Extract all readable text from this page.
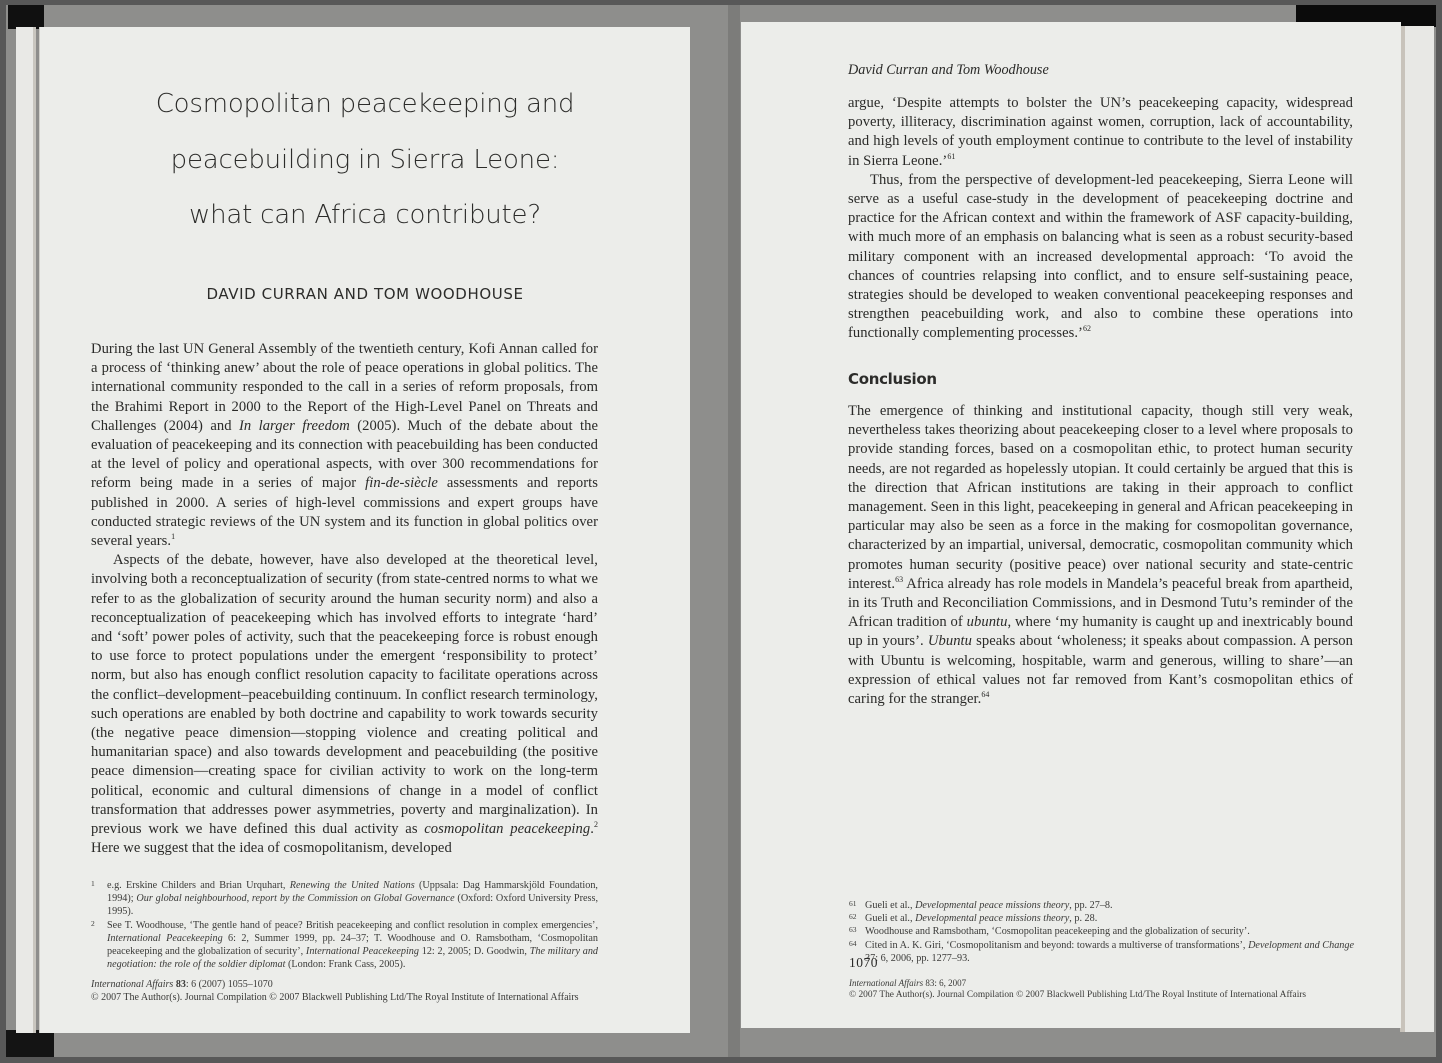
Cosmopolitan peacekeeping and
peacebuilding in Sierra Leone:
what can Africa contribute?
DAVID CURRAN AND TOM WOODHOUSE

During the last UN General Assembly of the twentieth century, Kofi Annan called for a process of ‘thinking anew’ about the role of peace operations in global politics. The international community responded to the call in a series of reform proposals, from the Brahimi Report in 2000 to the Report of the High-Level Panel on Threats and Challenges (2004) and In larger freedom (2005). Much of the debate about the evaluation of peacekeeping and its connection with peacebuilding has been conducted at the level of policy and operational aspects, with over 300 recommendations for reform being made in a series of major fin-de-siècle assessments and reports published in 2000. A series of high-level commissions and expert groups have conducted strategic reviews of the UN system and its function in global politics over several years.$^1$

Aspects of the debate, however, have also developed at the theoretical level, involving both a reconceptualization of security (from state-centred norms to what we refer to as the globalization of security around the human security norm) and also a reconceptualization of peacekeeping which has involved efforts to integrate ‘hard’ and ‘soft’ power poles of activity, such that the peacekeeping force is robust enough to use force to protect populations under the emergent ‘responsibility to protect’ norm, but also has enough conflict resolution capacity to facilitate operations across the conflict–development–peacebuilding continuum. In conflict research terminology, such operations are enabled by both doctrine and capability to work towards security (the negative peace dimension—stopping violence and creating political and humanitarian space) and also towards development and peacebuilding (the positive peace dimension—creating space for civilian activity to work on the long-term political, economic and cultural dimensions of change in a model of conflict transformation that addresses power asymmetries, poverty and marginalization). In previous work we have defined this dual activity as cosmopolitan peacekeeping.$^2$ Here we suggest that the idea of cosmopolitanism, developed

1 e.g. Erskine Childers and Brian Urquhart, Renewing the United Nations (Uppsala: Dag Hammarskjöld Foundation, 1994); Our global neighbourhood, report by the Commission on Global Governance (Oxford: Oxford University Press, 1995).
2 See T. Woodhouse, ‘The gentle hand of peace? British peacekeeping and conflict resolution in complex emergencies’, International Peacekeeping 6: 2, Summer 1999, pp. 24–37; T. Woodhouse and O. Ramsbotham, ‘Cosmopolitan peacekeeping and the globalization of security’, International Peacekeeping 12: 2, 2005; D. Goodwin, The military and negotiation: the role of the soldier diplomat (London: Frank Cass, 2005).
International Affairs 83: 6 (2007) 1055–1070
© 2007 The Author(s). Journal Compilation © 2007 Blackwell Publishing Ltd/The Royal Institute of International Affairs
David Curran and Tom Woodhouse

argue, ‘Despite attempts to bolster the UN’s peacekeeping capacity, widespread poverty, illiteracy, discrimination against women, corruption, lack of accountability, and high levels of youth employment continue to contribute to the level of instability in Sierra Leone.’$^{61}$

Thus, from the perspective of development-led peacekeeping, Sierra Leone will serve as a useful case-study in the development of peacekeeping doctrine and practice for the African context and within the framework of ASF capacity-building, with much more of an emphasis on balancing what is seen as a robust security-based military component with an increased developmental approach: ‘To avoid the chances of countries relapsing into conflict, and to ensure self-sustaining peace, strategies should be developed to weaken conventional peacekeeping responses and strengthen peacebuilding work, and also to combine these operations into functionally complementing processes.’$^{62}$

Conclusion

The emergence of thinking and institutional capacity, though still very weak, nevertheless takes theorizing about peacekeeping closer to a level where proposals to provide standing forces, based on a cosmopolitan ethic, to protect human security needs, are not regarded as hopelessly utopian. It could certainly be argued that this is the direction that African institutions are taking in their approach to conflict management. Seen in this light, peacekeeping in general and African peacekeeping in particular may also be seen as a force in the making for cosmopolitan governance, characterized by an impartial, universal, democratic, cosmopolitan community which promotes human security (positive peace) over national security and state-centric interest.$^{63}$ Africa already has role models in Mandela’s peaceful break from apartheid, in its Truth and Reconciliation Commissions, and in Desmond Tutu’s reminder of the African tradition of ubuntu, where ‘my humanity is caught up and inextricably bound up in yours’. Ubuntu speaks about ‘wholeness; it speaks about compassion. A person with Ubuntu is welcoming, hospitable, warm and generous, willing to share’—an expression of ethical values not far removed from Kant’s cosmopolitan ethics of caring for the stranger.$^{64}$

61 Gueli et al., Developmental peace missions theory, pp. 27–8.
62 Gueli et al., Developmental peace missions theory, p. 28.
63 Woodhouse and Ramsbotham, ‘Cosmopolitan peacekeeping and the globalization of security’.
64 Cited in A. K. Giri, ‘Cosmopolitanism and beyond: towards a multiverse of transformations’, Development and Change 37: 6, 2006, pp. 1277–93.
1070
International Affairs 83: 6, 2007
© 2007 The Author(s). Journal Compilation © 2007 Blackwell Publishing Ltd/The Royal Institute of International Affairs
